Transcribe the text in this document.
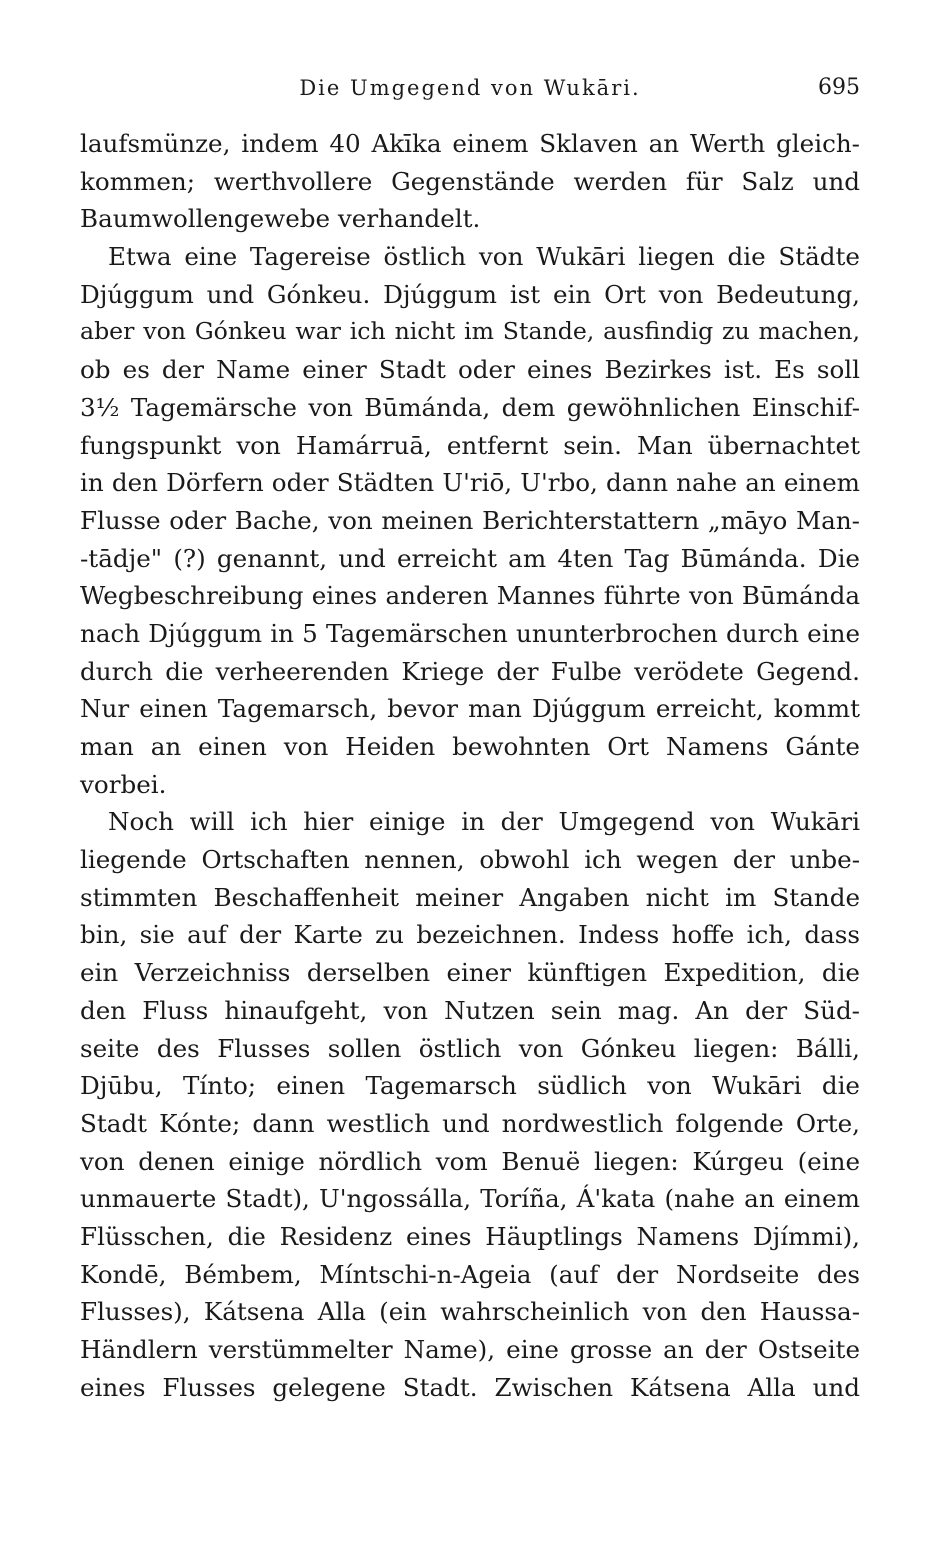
Die Umgegend von Wukāri.	695
laufsmünze, indem 40 Akīka einem Sklaven an Werth gleich-
kommen; werthvollere Gegenstände werden für Salz und
Baumwollengewebe verhandelt.
Etwa eine Tagereise östlich von Wukāri liegen die Städte
Djúggum und Gónkeu. Djúggum ist ein Ort von Bedeutung,
aber von Gónkeu war ich nicht im Stande, ausfindig zu machen,
ob es der Name einer Stadt oder eines Bezirkes ist. Es soll
3½ Tagemärsche von Būmánda, dem gewöhnlichen Einschif-
fungspunkt von Hamárruā, entfernt sein. Man übernachtet
in den Dörfern oder Städten U'riō, U'rbo, dann nahe an einem
Flusse oder Bache, von meinen Berichterstattern „māyo Man-
-tādje" (?) genannt, und erreicht am 4ten Tag Būmánda. Die
Wegbeschreibung eines anderen Mannes führte von Būmánda
nach Djúggum in 5 Tagemärschen ununterbrochen durch eine
durch die verheerenden Kriege der Fulbe verödete Gegend.
Nur einen Tagemarsch, bevor man Djúggum erreicht, kommt
man an einen von Heiden bewohnten Ort Namens Gánte
vorbei.
Noch will ich hier einige in der Umgegend von Wukāri
liegende Ortschaften nennen, obwohl ich wegen der unbe-
stimmten Beschaffenheit meiner Angaben nicht im Stande
bin, sie auf der Karte zu bezeichnen. Indess hoffe ich, dass
ein Verzeichniss derselben einer künftigen Expedition, die
den Fluss hinaufgeht, von Nutzen sein mag. An der Süd-
seite des Flusses sollen östlich von Gónkeu liegen: Bálli,
Djūbu, Tínto; einen Tagemarsch südlich von Wukāri die
Stadt Kónte; dann westlich und nordwestlich folgende Orte,
von denen einige nördlich vom Benuë liegen: Kúrgeu (eine
unmauerte Stadt), U'ngossálla, Toríña, Á'kata (nahe an einem
Flüsschen, die Residenz eines Häuptlings Namens Djímmi),
Kondē, Bémbem, Míntschi-n-Ageia (auf der Nordseite des
Flusses), Kátsena Alla (ein wahrscheinlich von den Haussa-
Händlern verstümmelter Name), eine grosse an der Ostseite
eines Flusses gelegene Stadt. Zwischen Kátsena Alla und
